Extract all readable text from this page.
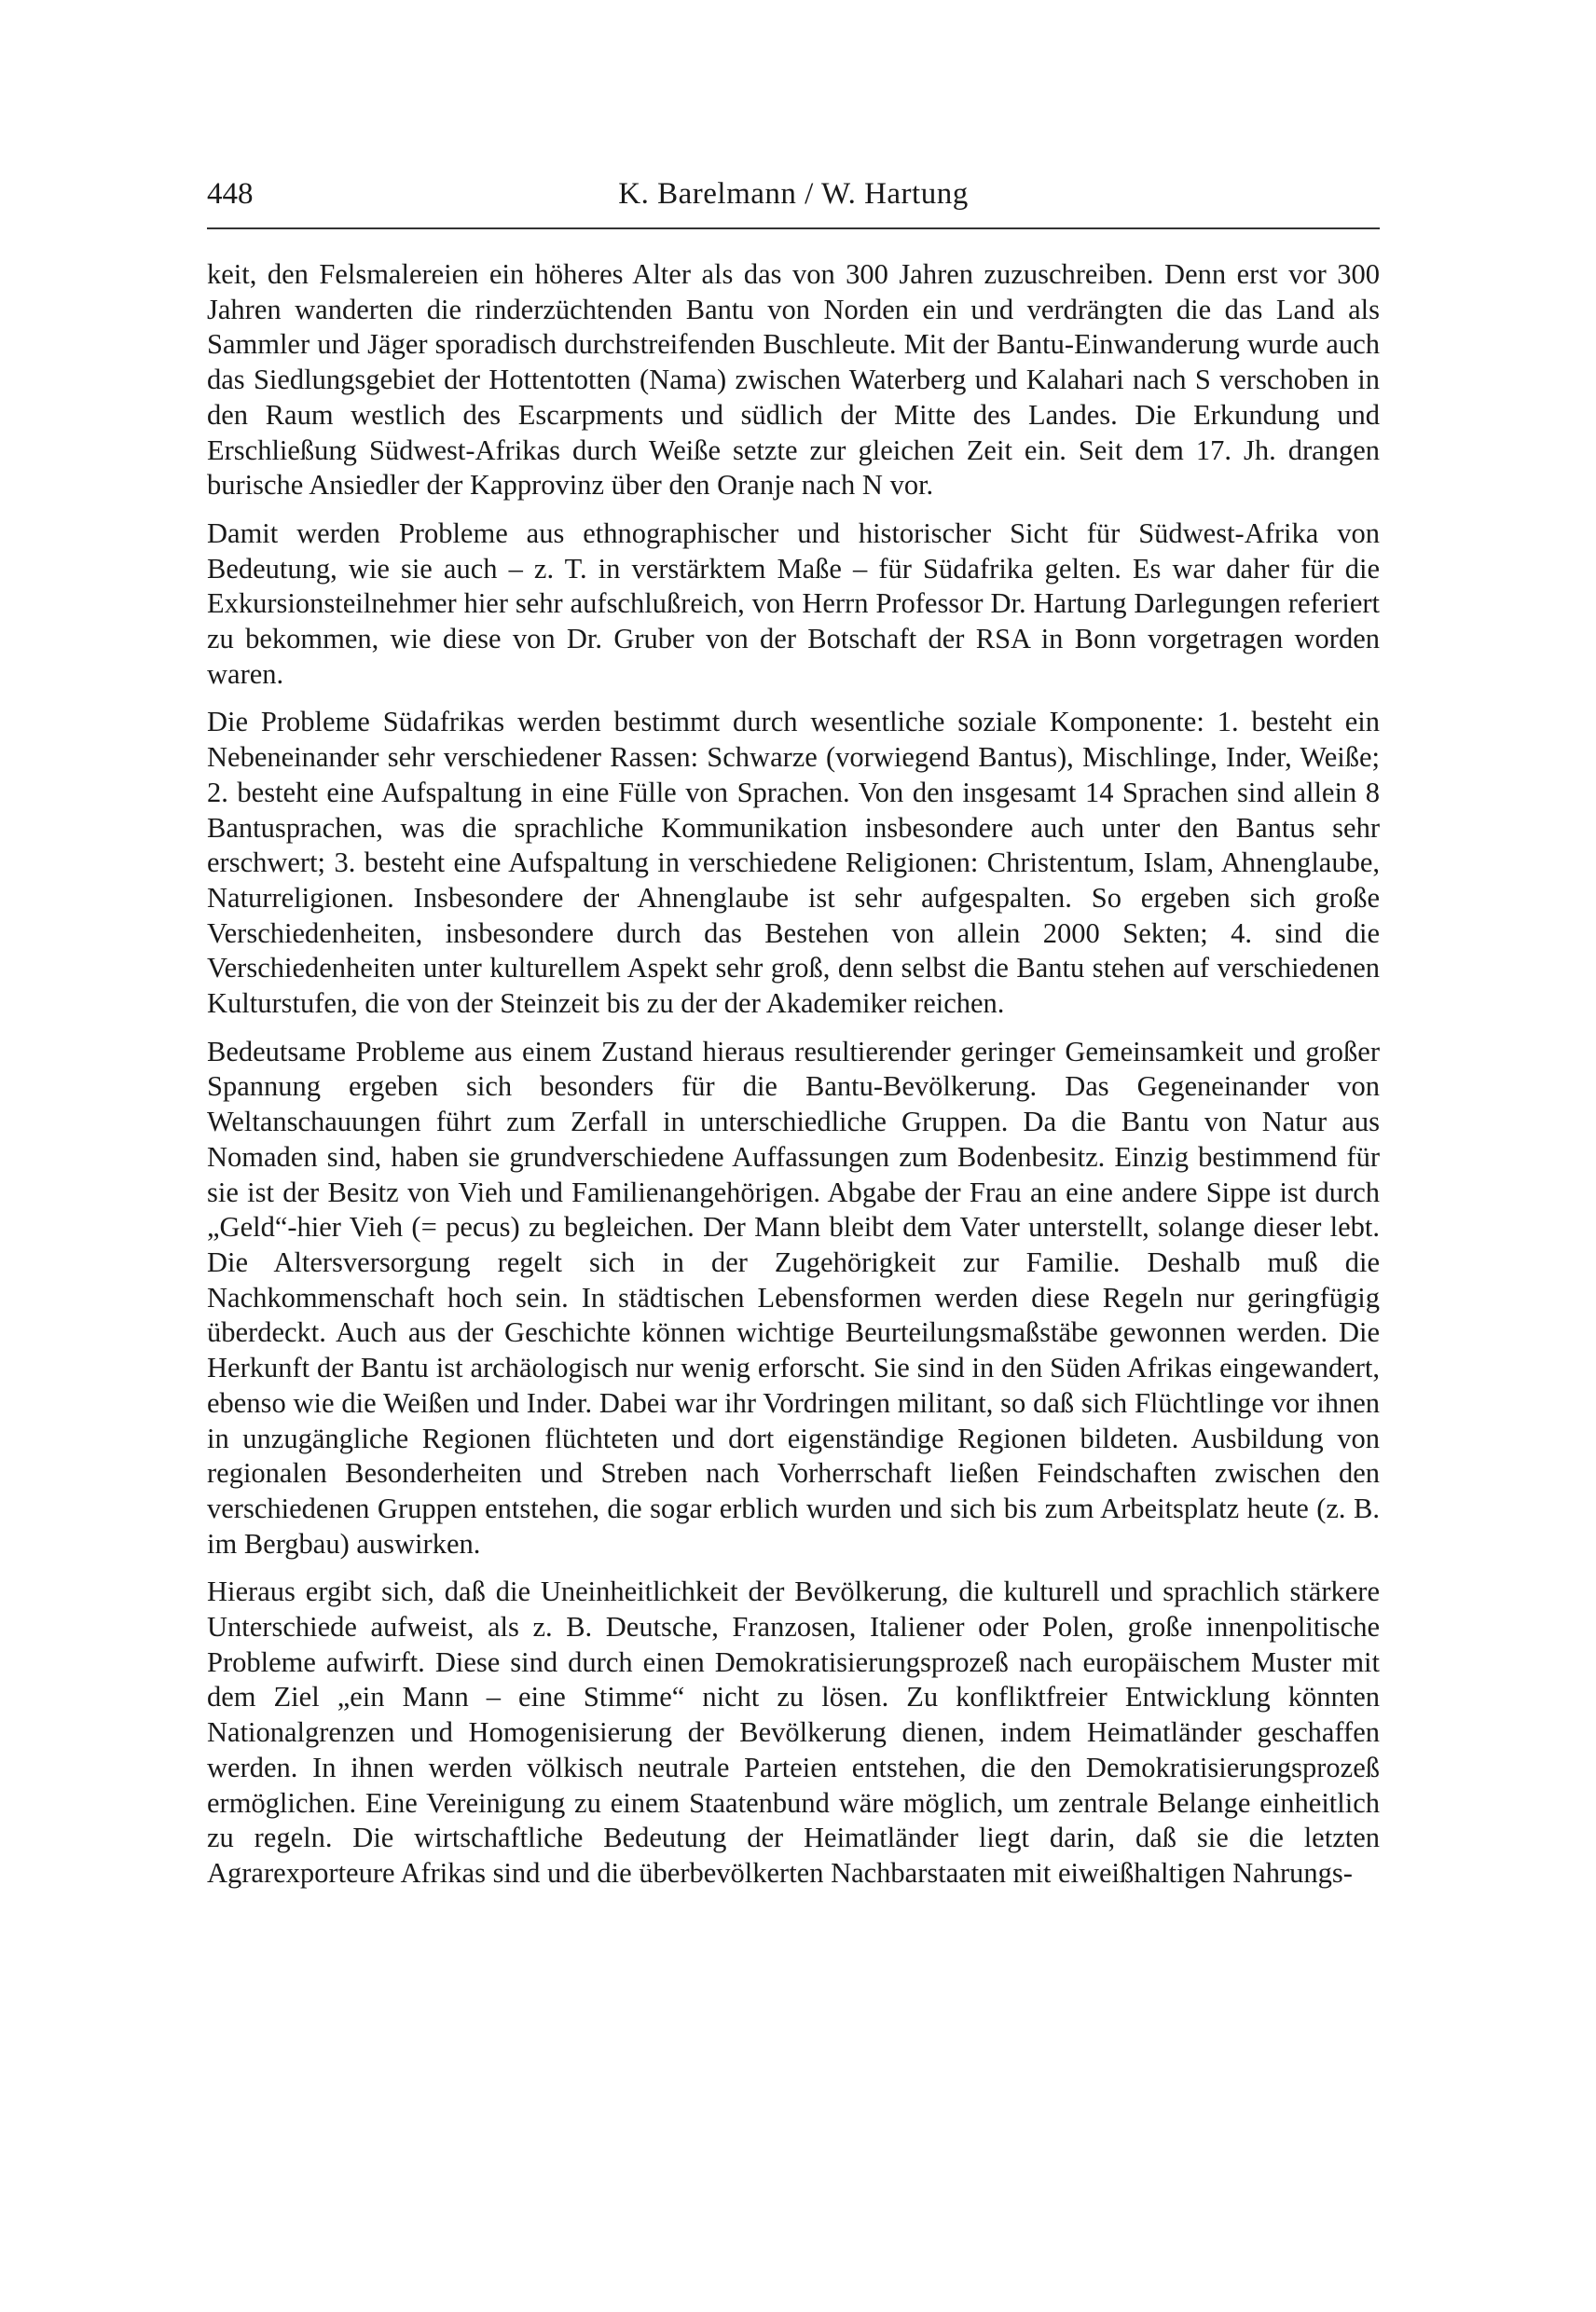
448	K. Barelmann / W. Hartung

keit, den Felsmalereien ein höheres Alter als das von 300 Jahren zuzuschreiben. Denn erst vor 300 Jahren wanderten die rinderzüchtenden Bantu von Norden ein und verdrängten die das Land als Sammler und Jäger sporadisch durchstreifenden Buschleute. Mit der Bantu-Einwanderung wurde auch das Siedlungsgebiet der Hottentotten (Nama) zwischen Waterberg und Kalahari nach S verschoben in den Raum westlich des Escarpments und südlich der Mitte des Landes. Die Erkundung und Erschließung Südwest-Afrikas durch Weiße setzte zur gleichen Zeit ein. Seit dem 17. Jh. drangen burische Ansiedler der Kapprovinz über den Oranje nach N vor.

Damit werden Probleme aus ethnographischer und historischer Sicht für Südwest-Afrika von Bedeutung, wie sie auch – z. T. in verstärktem Maße – für Südafrika gelten. Es war daher für die Exkursionsteilnehmer hier sehr aufschlußreich, von Herrn Professor Dr. Hartung Darlegungen referiert zu bekommen, wie diese von Dr. Gruber von der Botschaft der RSA in Bonn vorgetragen worden waren.

Die Probleme Südafrikas werden bestimmt durch wesentliche soziale Komponente: 1. besteht ein Nebeneinander sehr verschiedener Rassen: Schwarze (vorwiegend Bantus), Mischlinge, Inder, Weiße; 2. besteht eine Aufspaltung in eine Fülle von Sprachen. Von den insgesamt 14 Sprachen sind allein 8 Bantusprachen, was die sprachliche Kommunikation insbesondere auch unter den Bantus sehr erschwert; 3. besteht eine Aufspaltung in verschiedene Religionen: Christentum, Islam, Ahnenglaube, Naturreligionen. Insbesondere der Ahnenglaube ist sehr aufgespalten. So ergeben sich große Verschiedenheiten, insbesondere durch das Bestehen von allein 2000 Sekten; 4. sind die Verschiedenheiten unter kulturellem Aspekt sehr groß, denn selbst die Bantu stehen auf verschiedenen Kulturstufen, die von der Steinzeit bis zu der der Akademiker reichen.

Bedeutsame Probleme aus einem Zustand hieraus resultierender geringer Gemeinsamkeit und großer Spannung ergeben sich besonders für die Bantu-Bevölkerung. Das Gegeneinander von Weltanschauungen führt zum Zerfall in unterschiedliche Gruppen. Da die Bantu von Natur aus Nomaden sind, haben sie grundverschiedene Auffassungen zum Bodenbesitz. Einzig bestimmend für sie ist der Besitz von Vieh und Familienangehörigen. Abgabe der Frau an eine andere Sippe ist durch „Geld“-hier Vieh (= pecus) zu begleichen. Der Mann bleibt dem Vater unterstellt, solange dieser lebt. Die Altersversorgung regelt sich in der Zugehörigkeit zur Familie. Deshalb muß die Nachkommenschaft hoch sein. In städtischen Lebensformen werden diese Regeln nur geringfügig überdeckt. Auch aus der Geschichte können wichtige Beurteilungsmaßstäbe gewonnen werden. Die Herkunft der Bantu ist archäologisch nur wenig erforscht. Sie sind in den Süden Afrikas eingewandert, ebenso wie die Weißen und Inder. Dabei war ihr Vordringen militant, so daß sich Flüchtlinge vor ihnen in unzugängliche Regionen flüchteten und dort eigenständige Regionen bildeten. Ausbildung von regionalen Besonderheiten und Streben nach Vorherrschaft ließen Feindschaften zwischen den verschiedenen Gruppen entstehen, die sogar erblich wurden und sich bis zum Arbeitsplatz heute (z. B. im Bergbau) auswirken.

Hieraus ergibt sich, daß die Uneinheitlichkeit der Bevölkerung, die kulturell und sprachlich stärkere Unterschiede aufweist, als z. B. Deutsche, Franzosen, Italiener oder Polen, große innenpolitische Probleme aufwirft. Diese sind durch einen Demokratisierungsprozeß nach europäischem Muster mit dem Ziel „ein Mann – eine Stimme“ nicht zu lösen. Zu konfliktfreier Entwicklung könnten Nationalgrenzen und Homogenisierung der Bevölkerung dienen, indem Heimatländer geschaffen werden. In ihnen werden völkisch neutrale Parteien entstehen, die den Demokratisierungsprozeß ermöglichen. Eine Vereinigung zu einem Staatenbund wäre möglich, um zentrale Belange einheitlich zu regeln. Die wirtschaftliche Bedeutung der Heimatländer liegt darin, daß sie die letzten Agrarexporteure Afrikas sind und die überbevölkerten Nachbarstaaten mit eiweißhaltigen Nahrungs-
